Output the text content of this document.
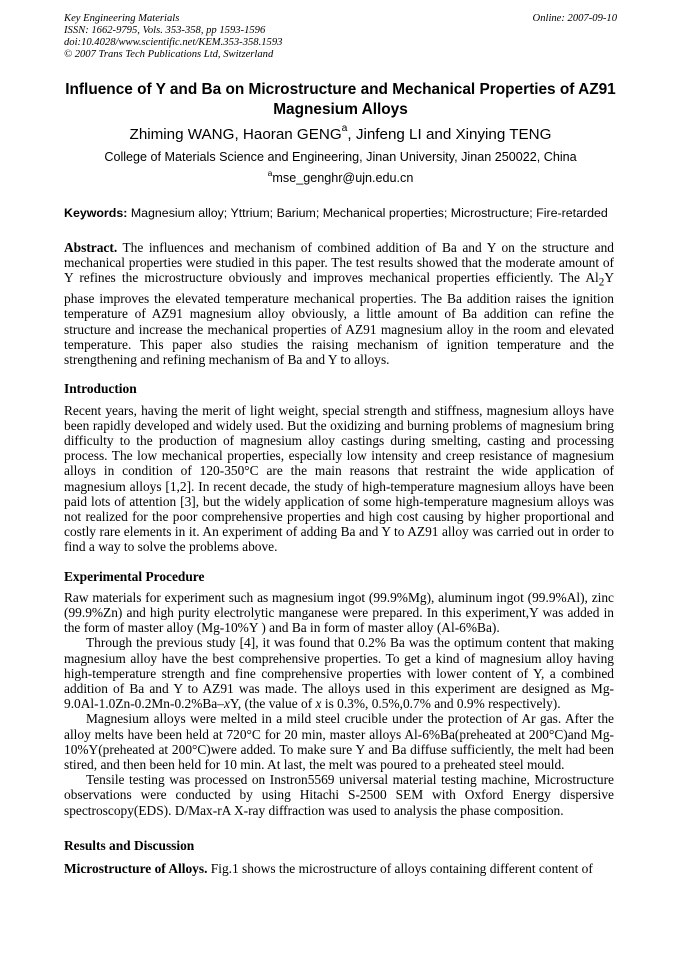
Key Engineering Materials
ISSN: 1662-9795, Vols. 353-358, pp 1593-1596
doi:10.4028/www.scientific.net/KEM.353-358.1593
© 2007 Trans Tech Publications Ltd, Switzerland
Online: 2007-09-10
Influence of Y and Ba on Microstructure and Mechanical Properties of AZ91 Magnesium Alloys
Zhiming WANG, Haoran GENG$^a$, Jinfeng LI and Xinying TENG
College of Materials Science and Engineering, Jinan University, Jinan 250022, China
$^a$mse_genghr@ujn.edu.cn
Keywords: Magnesium alloy; Yttrium; Barium; Mechanical properties; Microstructure; Fire-retarded

Abstract. The influences and mechanism of combined addition of Ba and Y on the structure and mechanical properties were studied in this paper. The test results showed that the moderate amount of Y refines the microstructure obviously and improves mechanical properties efficiently. The $Al_2Y$ phase improves the elevated temperature mechanical properties. The Ba addition raises the ignition temperature of AZ91 magnesium alloy obviously, a little amount of Ba addition can refine the structure and increase the mechanical properties of AZ91 magnesium alloy in the room and elevated temperature. This paper also studies the raising mechanism of ignition temperature and the strengthening and refining mechanism of Ba and Y to alloys.

Introduction

Recent years, having the merit of light weight, special strength and stiffness, magnesium alloys have been rapidly developed and widely used. But the oxidizing and burning problems of magnesium bring difficulty to the production of magnesium alloy castings during smelting, casting and processing process. The low mechanical properties, especially low intensity and creep resistance of magnesium alloys in condition of 120-350°C are the main reasons that restraint the wide application of magnesium alloys [1,2]. In recent decade, the study of high-temperature magnesium alloys have been paid lots of attention [3], but the widely application of some high-temperature magnesium alloys was not realized for the poor comprehensive properties and high cost causing by higher proportional and costly rare elements in it. An experiment of adding Ba and Y to AZ91 alloy was carried out in order to find a way to solve the problems above.

Experimental Procedure

Raw materials for experiment such as magnesium ingot (99.9%Mg), aluminum ingot (99.9%Al), zinc (99.9%Zn) and high purity electrolytic manganese were prepared. In this experiment,Y was added in the form of master alloy (Mg-10%Y ) and Ba in form of master alloy (Al-6%Ba).

Through the previous study [4], it was found that 0.2% Ba was the optimum content that making magnesium alloy have the best comprehensive properties. To get a kind of magnesium alloy having high-temperature strength and fine comprehensive properties with lower content of Y, a combined addition of Ba and Y to AZ91 was made. The alloys used in this experiment are designed as Mg-9.0Al-1.0Zn-0.2Mn-0.2%Ba–xY, (the value of x is 0.3%, 0.5%,0.7% and 0.9% respectively).

Magnesium alloys were melted in a mild steel crucible under the protection of Ar gas. After the alloy melts have been held at 720°C for 20 min, master alloys Al-6%Ba(preheated at 200°C)and Mg-10%Y(preheated at 200°C)were added. To make sure Y and Ba diffuse sufficiently, the melt had been stired, and then been held for 10 min. At last, the melt was poured to a preheated steel mould.

Tensile testing was processed on Instron5569 universal material testing machine, Microstructure observations were conducted by using Hitachi S-2500 SEM with Oxford Energy dispersive spectroscopy(EDS). D/Max-rA X-ray diffraction was used to analysis the phase composition.

Results and Discussion

Microstructure of Alloys. Fig.1 shows the microstructure of alloys containing different content of
